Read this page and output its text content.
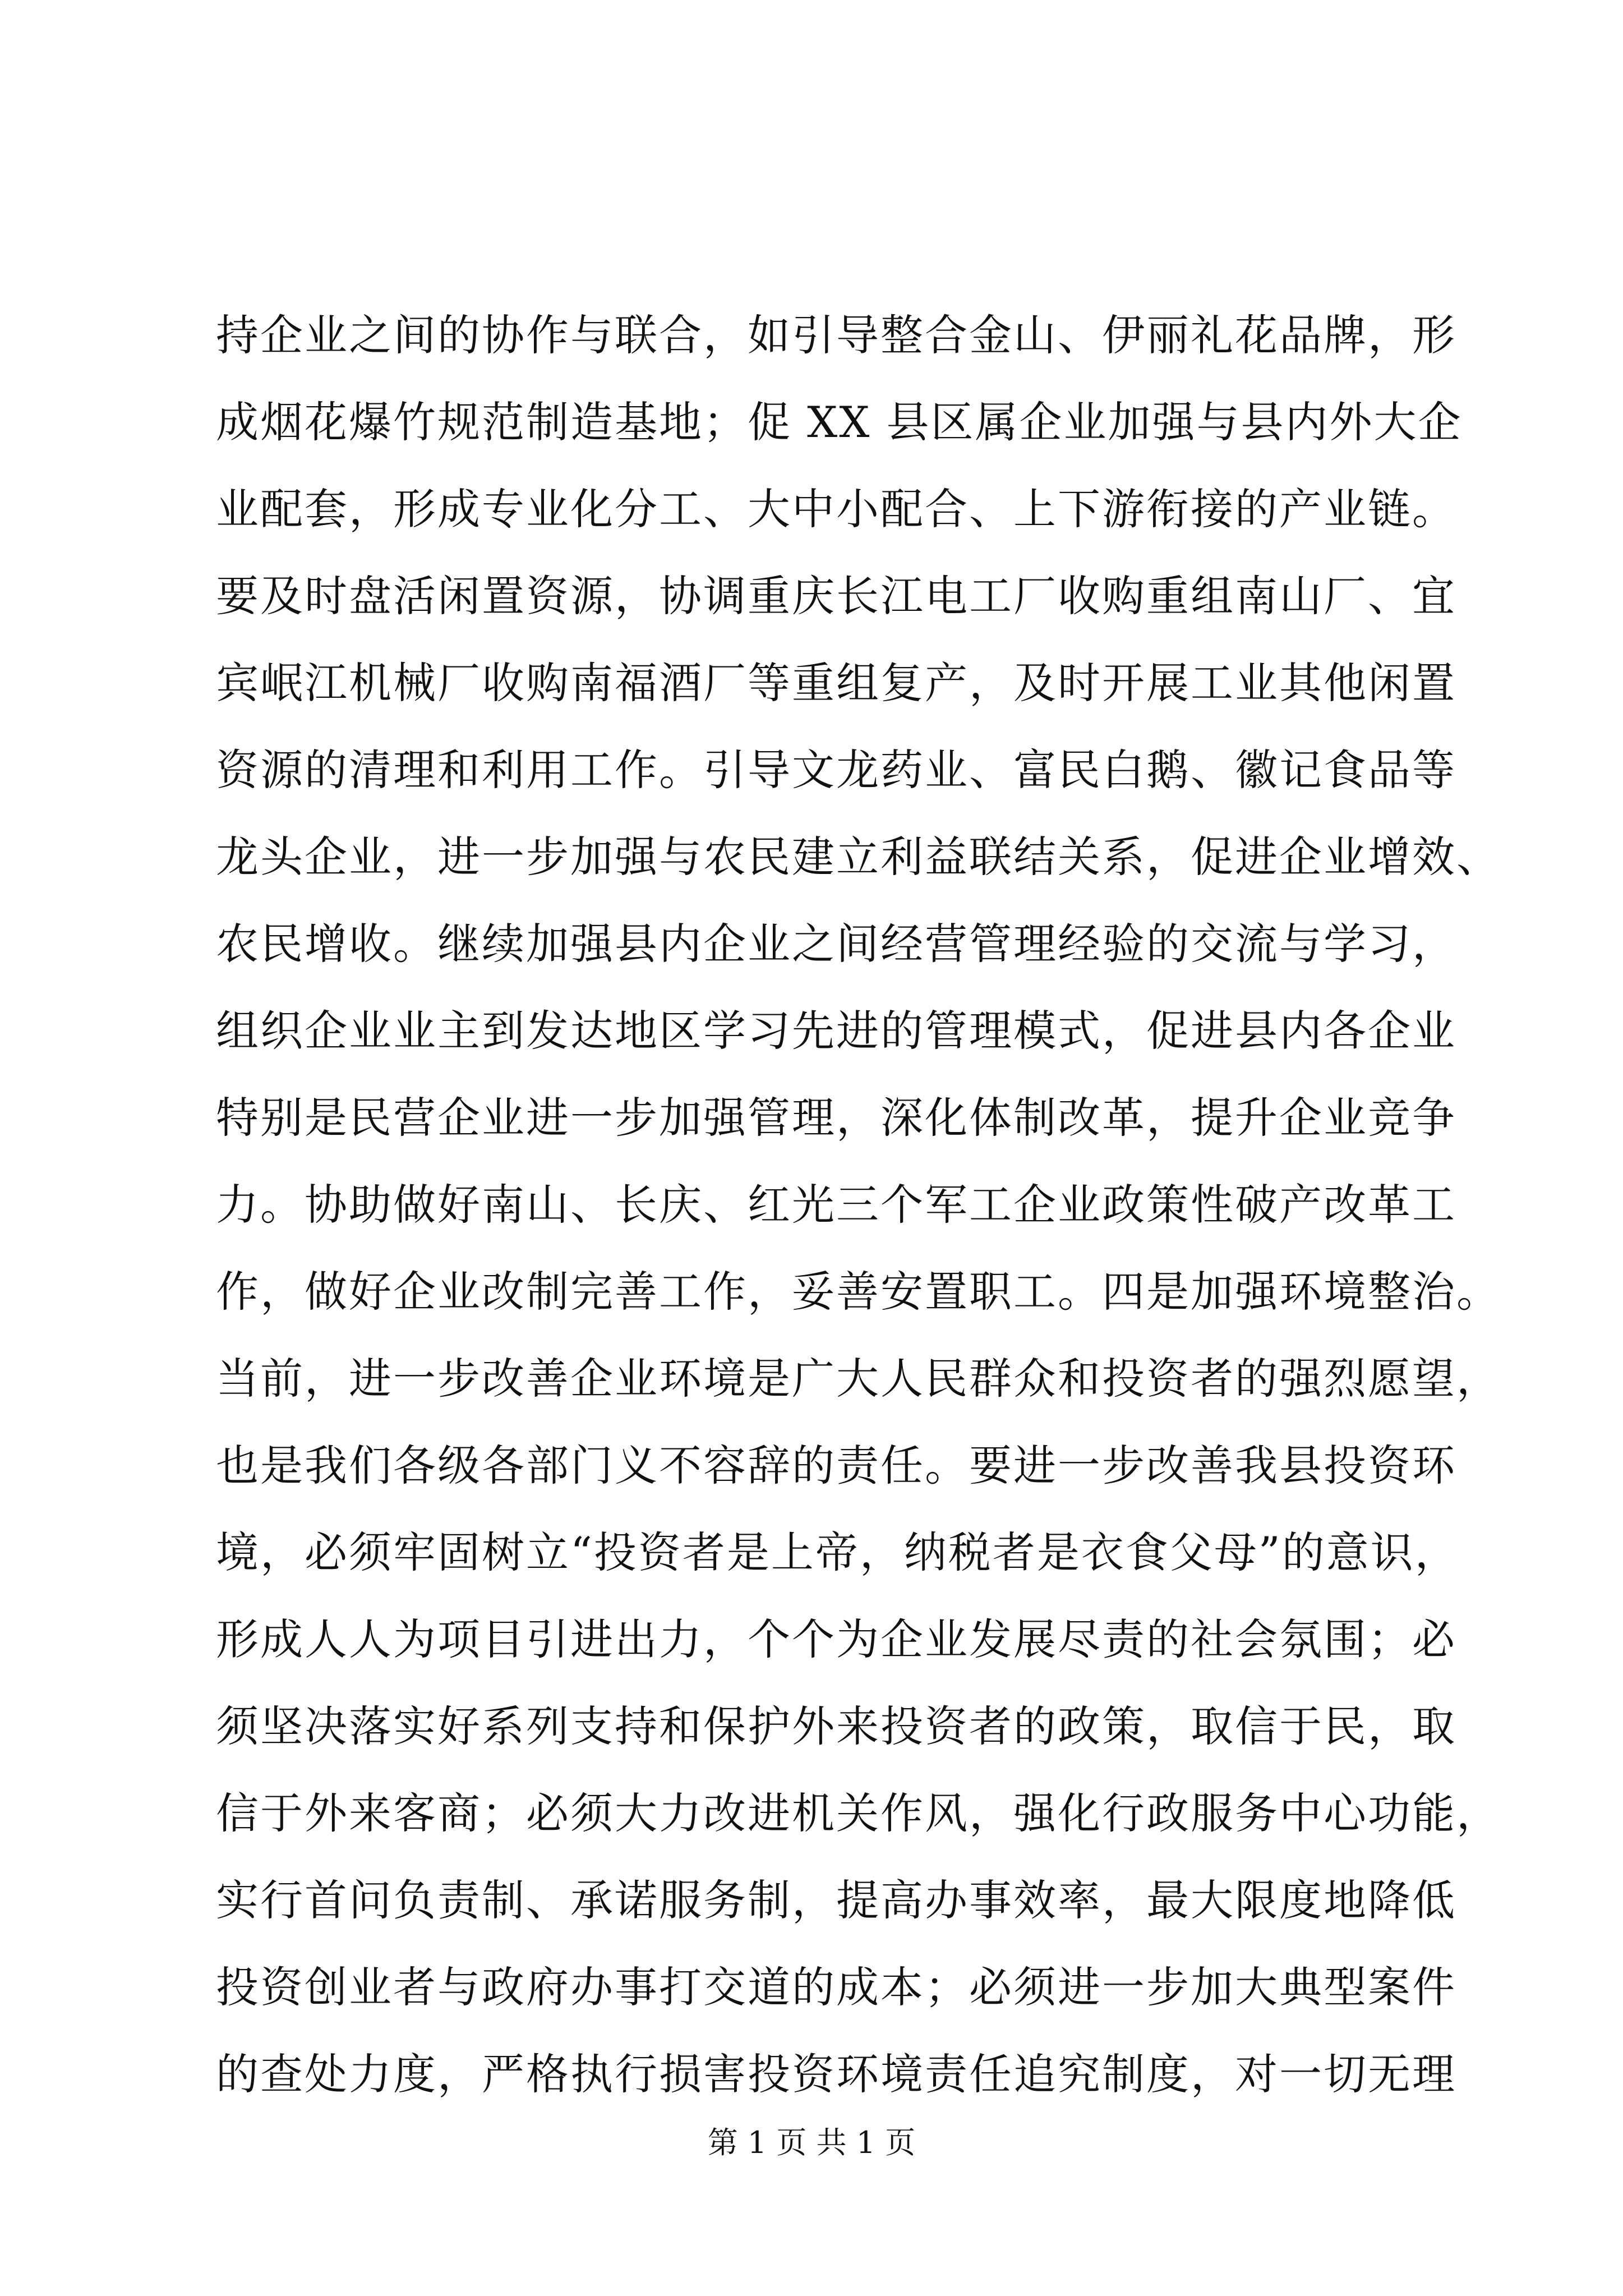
持企业之间的协作与联合，如引导整合金山、伊丽礼花品牌，形
成烟花爆竹规范制造基地；促 XX 县区属企业加强与县内外大企
业配套，形成专业化分工、大中小配合、上下游衔接的产业链。
要及时盘活闲置资源，协调重庆长江电工厂收购重组南山厂、宜
宾岷江机械厂收购南福酒厂等重组复产，及时开展工业其他闲置
资源的清理和利用工作。引导文龙药业、富民白鹅、徽记食品等
龙头企业，进一步加强与农民建立利益联结关系，促进企业增效、
农民增收。继续加强县内企业之间经营管理经验的交流与学习，
组织企业业主到发达地区学习先进的管理模式，促进县内各企业
特别是民营企业进一步加强管理，深化体制改革，提升企业竞争
力。协助做好南山、长庆、红光三个军工企业政策性破产改革工
作，做好企业改制完善工作，妥善安置职工。四是加强环境整治。
当前，进一步改善企业环境是广大人民群众和投资者的强烈愿望，
也是我们各级各部门义不容辞的责任。要进一步改善我县投资环
境，必须牢固树立“投资者是上帝，纳税者是衣食父母”的意识，
形成人人为项目引进出力，个个为企业发展尽责的社会氛围；必
须坚决落实好系列支持和保护外来投资者的政策，取信于民，取
信于外来客商；必须大力改进机关作风，强化行政服务中心功能，
实行首问负责制、承诺服务制，提高办事效率，最大限度地降低
投资创业者与政府办事打交道的成本；必须进一步加大典型案件
的查处力度，严格执行损害投资环境责任追究制度，对一切无理
第 1 页 共 1 页
